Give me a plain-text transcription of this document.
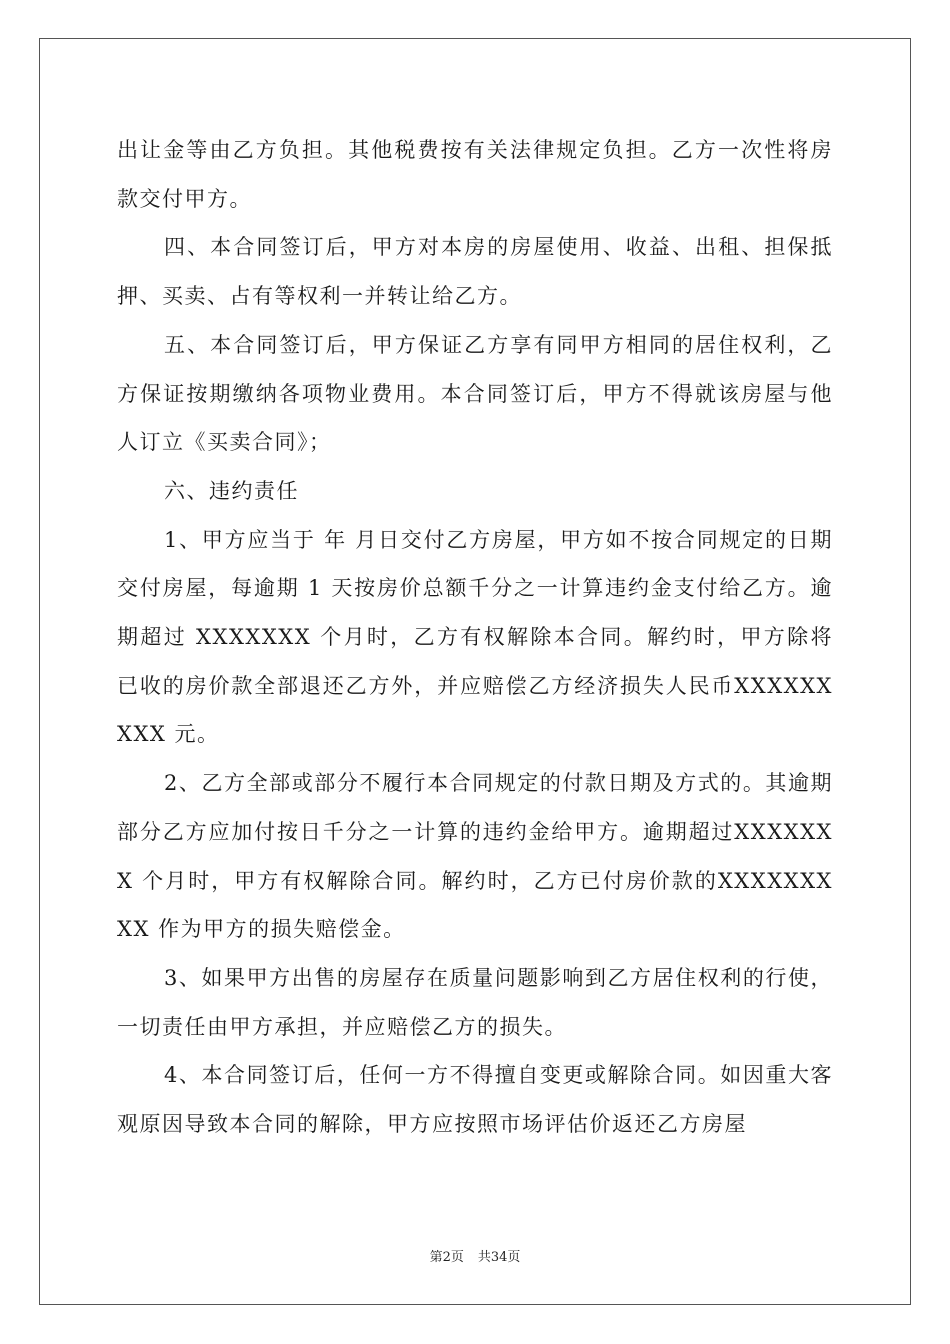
出让金等由乙方负担。其他税费按有关法律规定负担。乙方一次性将房款交付甲方。

四、本合同签订后，甲方对本房的房屋使用、收益、出租、担保抵押、买卖、占有等权利一并转让给乙方。

五、本合同签订后，甲方保证乙方享有同甲方相同的居住权利，乙方保证按期缴纳各项物业费用。本合同签订后，甲方不得就该房屋与他人订立《买卖合同》；

六、违约责任

1、甲方应当于 年 月日交付乙方房屋，甲方如不按合同规定的日期交付房屋，每逾期 1 天按房价总额千分之一计算违约金支付给乙方。逾期超过 XXXXXXX 个月时，乙方有权解除本合同。解约时，甲方除将已收的房价款全部退还乙方外，并应赔偿乙方经济损失人民币XXXXXXXXX 元。

2、乙方全部或部分不履行本合同规定的付款日期及方式的。其逾期部分乙方应加付按日千分之一计算的违约金给甲方。逾期超过XXXXXXX 个月时，甲方有权解除合同。解约时，乙方已付房价款的XXXXXXXXX 作为甲方的损失赔偿金。

3、如果甲方出售的房屋存在质量问题影响到乙方居住权利的行使，一切责任由甲方承担，并应赔偿乙方的损失。

4、本合同签订后，任何一方不得擅自变更或解除合同。如因重大客观原因导致本合同的解除，甲方应按照市场评估价返还乙方房屋

第2页 共34页
